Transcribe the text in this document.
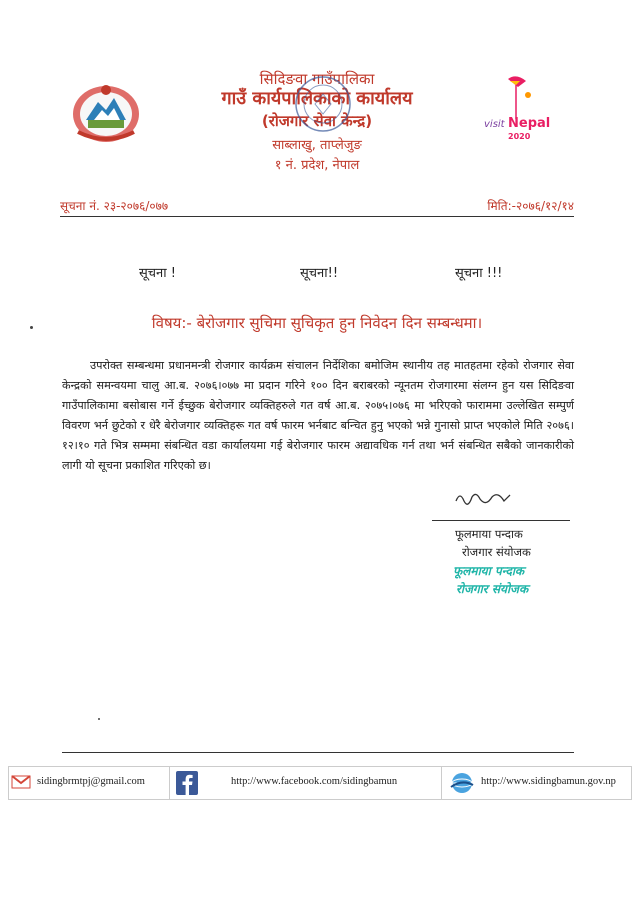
सिदिङवा गाउँपालिका
गाउँ कार्यपालिकाको कार्यालय
(रोजगार सेवा केन्द्र)
साब्लाखु, ताप्लेजुङ
१ नं. प्रदेश, नेपाल
visit Nepal
2020
सूचना नं. २३-२०७६/०७७	मिति:-२०७६/१२/१४
सूचना !	सूचना!!	सूचना !!!
विषय:- बेरोजगार सुचिमा सुचिकृत हुन निवेदन दिन सम्बन्धमा।
उपरोक्त सम्बन्धमा प्रधानमन्त्री रोजगार कार्यक्रम संचालन निर्देशिका बमोजिम स्थानीय तह मातहतमा रहेको रोजगार सेवा केन्द्रको समन्वयमा चालु आ.ब. २०७६।०७७ मा प्रदान गरिने १०० दिन बराबरको न्यूनतम रोजगारमा संलग्न हुन यस सिदिङवा गाउँपालिकामा बसोबास गर्ने ईच्छुक बेरोजगार व्यक्तिहरुले गत वर्ष आ.ब. २०७५।०७६ मा भरिएको फाराममा उल्लेखित सम्पुर्ण विवरण भर्न छुटेको र धेरै बेरोजगार व्यक्तिहरू गत वर्ष फारम भर्नबाट बन्चित हुनु भएको भन्ने गुनासो प्राप्त भएकोले मिति २०७६।१२।१० गते भित्र सम्ममा संबन्धित वडा कार्यालयमा गई बेरोजगार फारम अद्यावधिक गर्न तथा भर्न संबन्धित सबैको जानकारीको लागी यो सूचना प्रकाशित गरिएको छ।
फूलमाया पन्दाक
रोजगार संयोजक
फूलमाया पन्दाक
रोजगार संयोजक
sidingbrmtpj@gmail.com	http://www.facebook.com/sidingbamun	http://www.sidingbamun.gov.np
